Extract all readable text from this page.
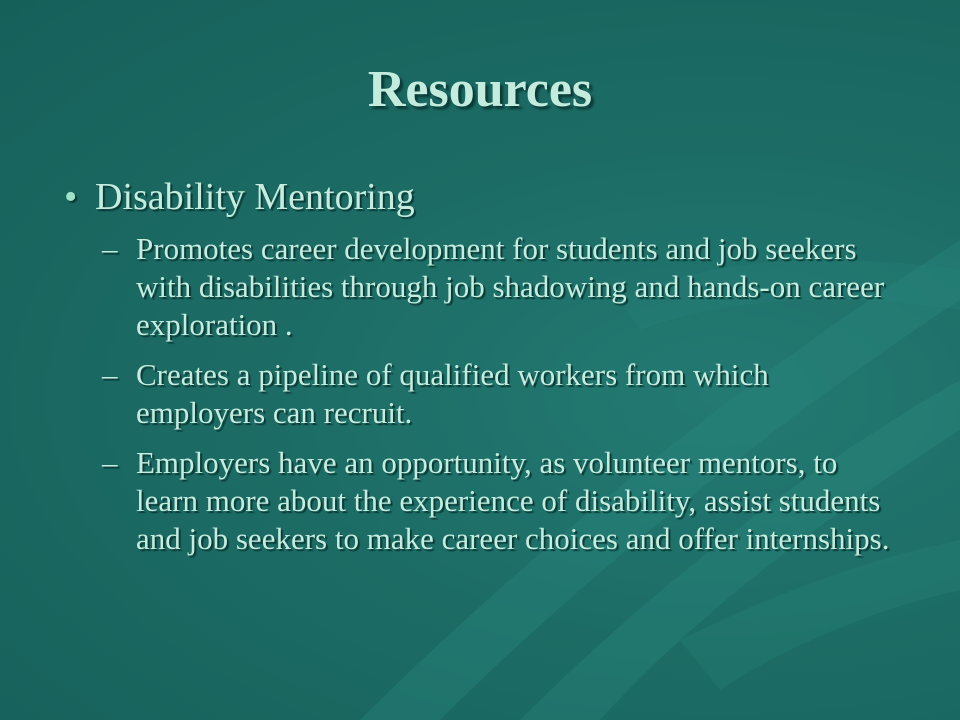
Resources
• Disability Mentoring
– Promotes career development for students and job seekers with disabilities through job shadowing and hands-on career exploration .
– Creates a pipeline of qualified workers from which employers can recruit.
– Employers have an opportunity, as volunteer mentors, to learn more about the experience of disability, assist students and job seekers to make career choices and offer internships.
